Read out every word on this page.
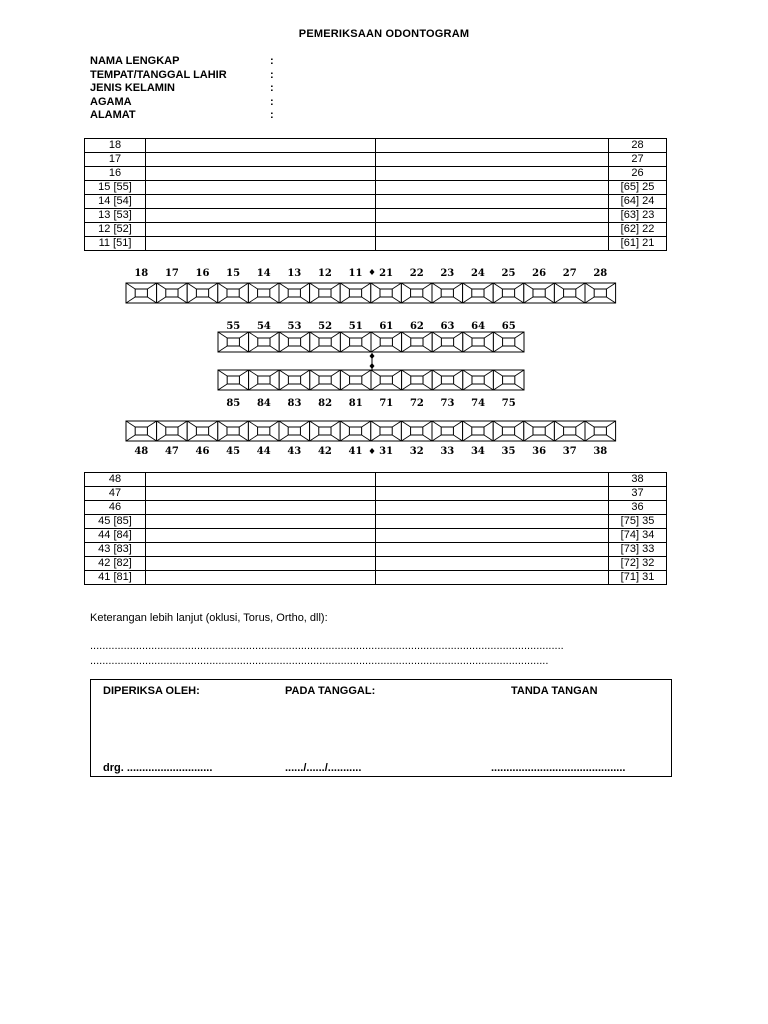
PEMERIKSAAN ODONTOGRAM
NAMA LENGKAP	:
TEMPAT/TANGGAL LAHIR	:
JENIS KELAMIN	:
AGAMA	:
ALAMAT	:
18			28
17			27
16			26
15 [55]			[65] 25
14 [54]			[64] 24
13 [53]			[63] 23
12 [52]			[62] 22
11 [51]			[61] 21
18 17 16 15 14 13 12 11 21 22 23 24 25 26 27 28
55 54 53 52 51 61 62 63 64 65
85 84 83 82 81 71 72 73 74 75
48 47 46 45 44 43 42 41 31 32 33 34 35 36 37 38
48			38
47			37
46			36
45 [85]			[75] 35
44 [84]			[74] 34
43 [83]			[73] 33
42 [82]			[72] 32
41 [81]			[71] 31
Keterangan lebih lanjut (oklusi, Torus, Ortho, dll):
...........................................................................................................................................................
......................................................................................................................................................
DIPERIKSA OLEH:	PADA TANGGAL:	TANDA TANGAN
drg. ............................	....../....../...........	............................................
